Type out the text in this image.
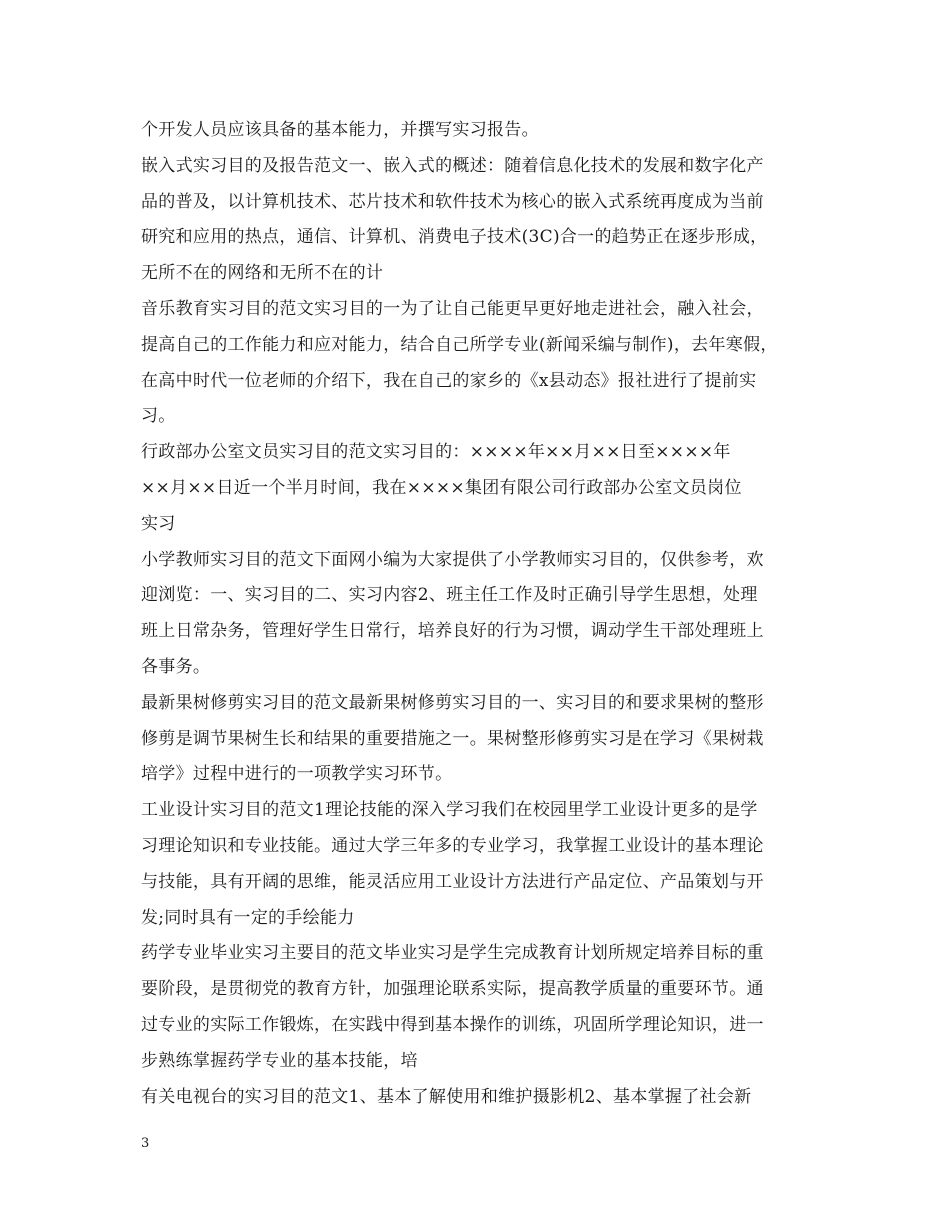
个开发人员应该具备的基本能力，并撰写实习报告。
嵌入式实习目的及报告范文一、嵌入式的概述：随着信息化技术的发展和数字化产
品的普及，以计算机技术、芯片技术和软件技术为核心的嵌入式系统再度成为当前
研究和应用的热点，通信、计算机、消费电子技术(3C)合一的趋势正在逐步形成，
无所不在的网络和无所不在的计
音乐教育实习目的范文实习目的一为了让自己能更早更好地走进社会，融入社会，
提高自己的工作能力和应对能力，结合自己所学专业(新闻采编与制作)，去年寒假，
在高中时代一位老师的介绍下，我在自己的家乡的《x县动态》报社进行了提前实
习。
行政部办公室文员实习目的范文实习目的：××××年××月××日至××××年
××月××日近一个半月时间，我在××××集团有限公司行政部办公室文员岗位
实习
小学教师实习目的范文下面网小编为大家提供了小学教师实习目的，仅供参考，欢
迎浏览：一、实习目的二、实习内容2、班主任工作及时正确引导学生思想，处理
班上日常杂务，管理好学生日常行，培养良好的行为习惯，调动学生干部处理班上
各事务。
最新果树修剪实习目的范文最新果树修剪实习目的一、实习目的和要求果树的整形
修剪是调节果树生长和结果的重要措施之一。果树整形修剪实习是在学习《果树栽
培学》过程中进行的一项教学实习环节。
工业设计实习目的范文1理论技能的深入学习我们在校园里学工业设计更多的是学
习理论知识和专业技能。通过大学三年多的专业学习，我掌握工业设计的基本理论
与技能，具有开阔的思维，能灵活应用工业设计方法进行产品定位、产品策划与开
发;同时具有一定的手绘能力
药学专业毕业实习主要目的范文毕业实习是学生完成教育计划所规定培养目标的重
要阶段，是贯彻党的教育方针，加强理论联系实际，提高教学质量的重要环节。通
过专业的实际工作锻炼，在实践中得到基本操作的训练，巩固所学理论知识，进一
步熟练掌握药学专业的基本技能，培
有关电视台的实习目的范文1、基本了解使用和维护摄影机2、基本掌握了社会新
3
